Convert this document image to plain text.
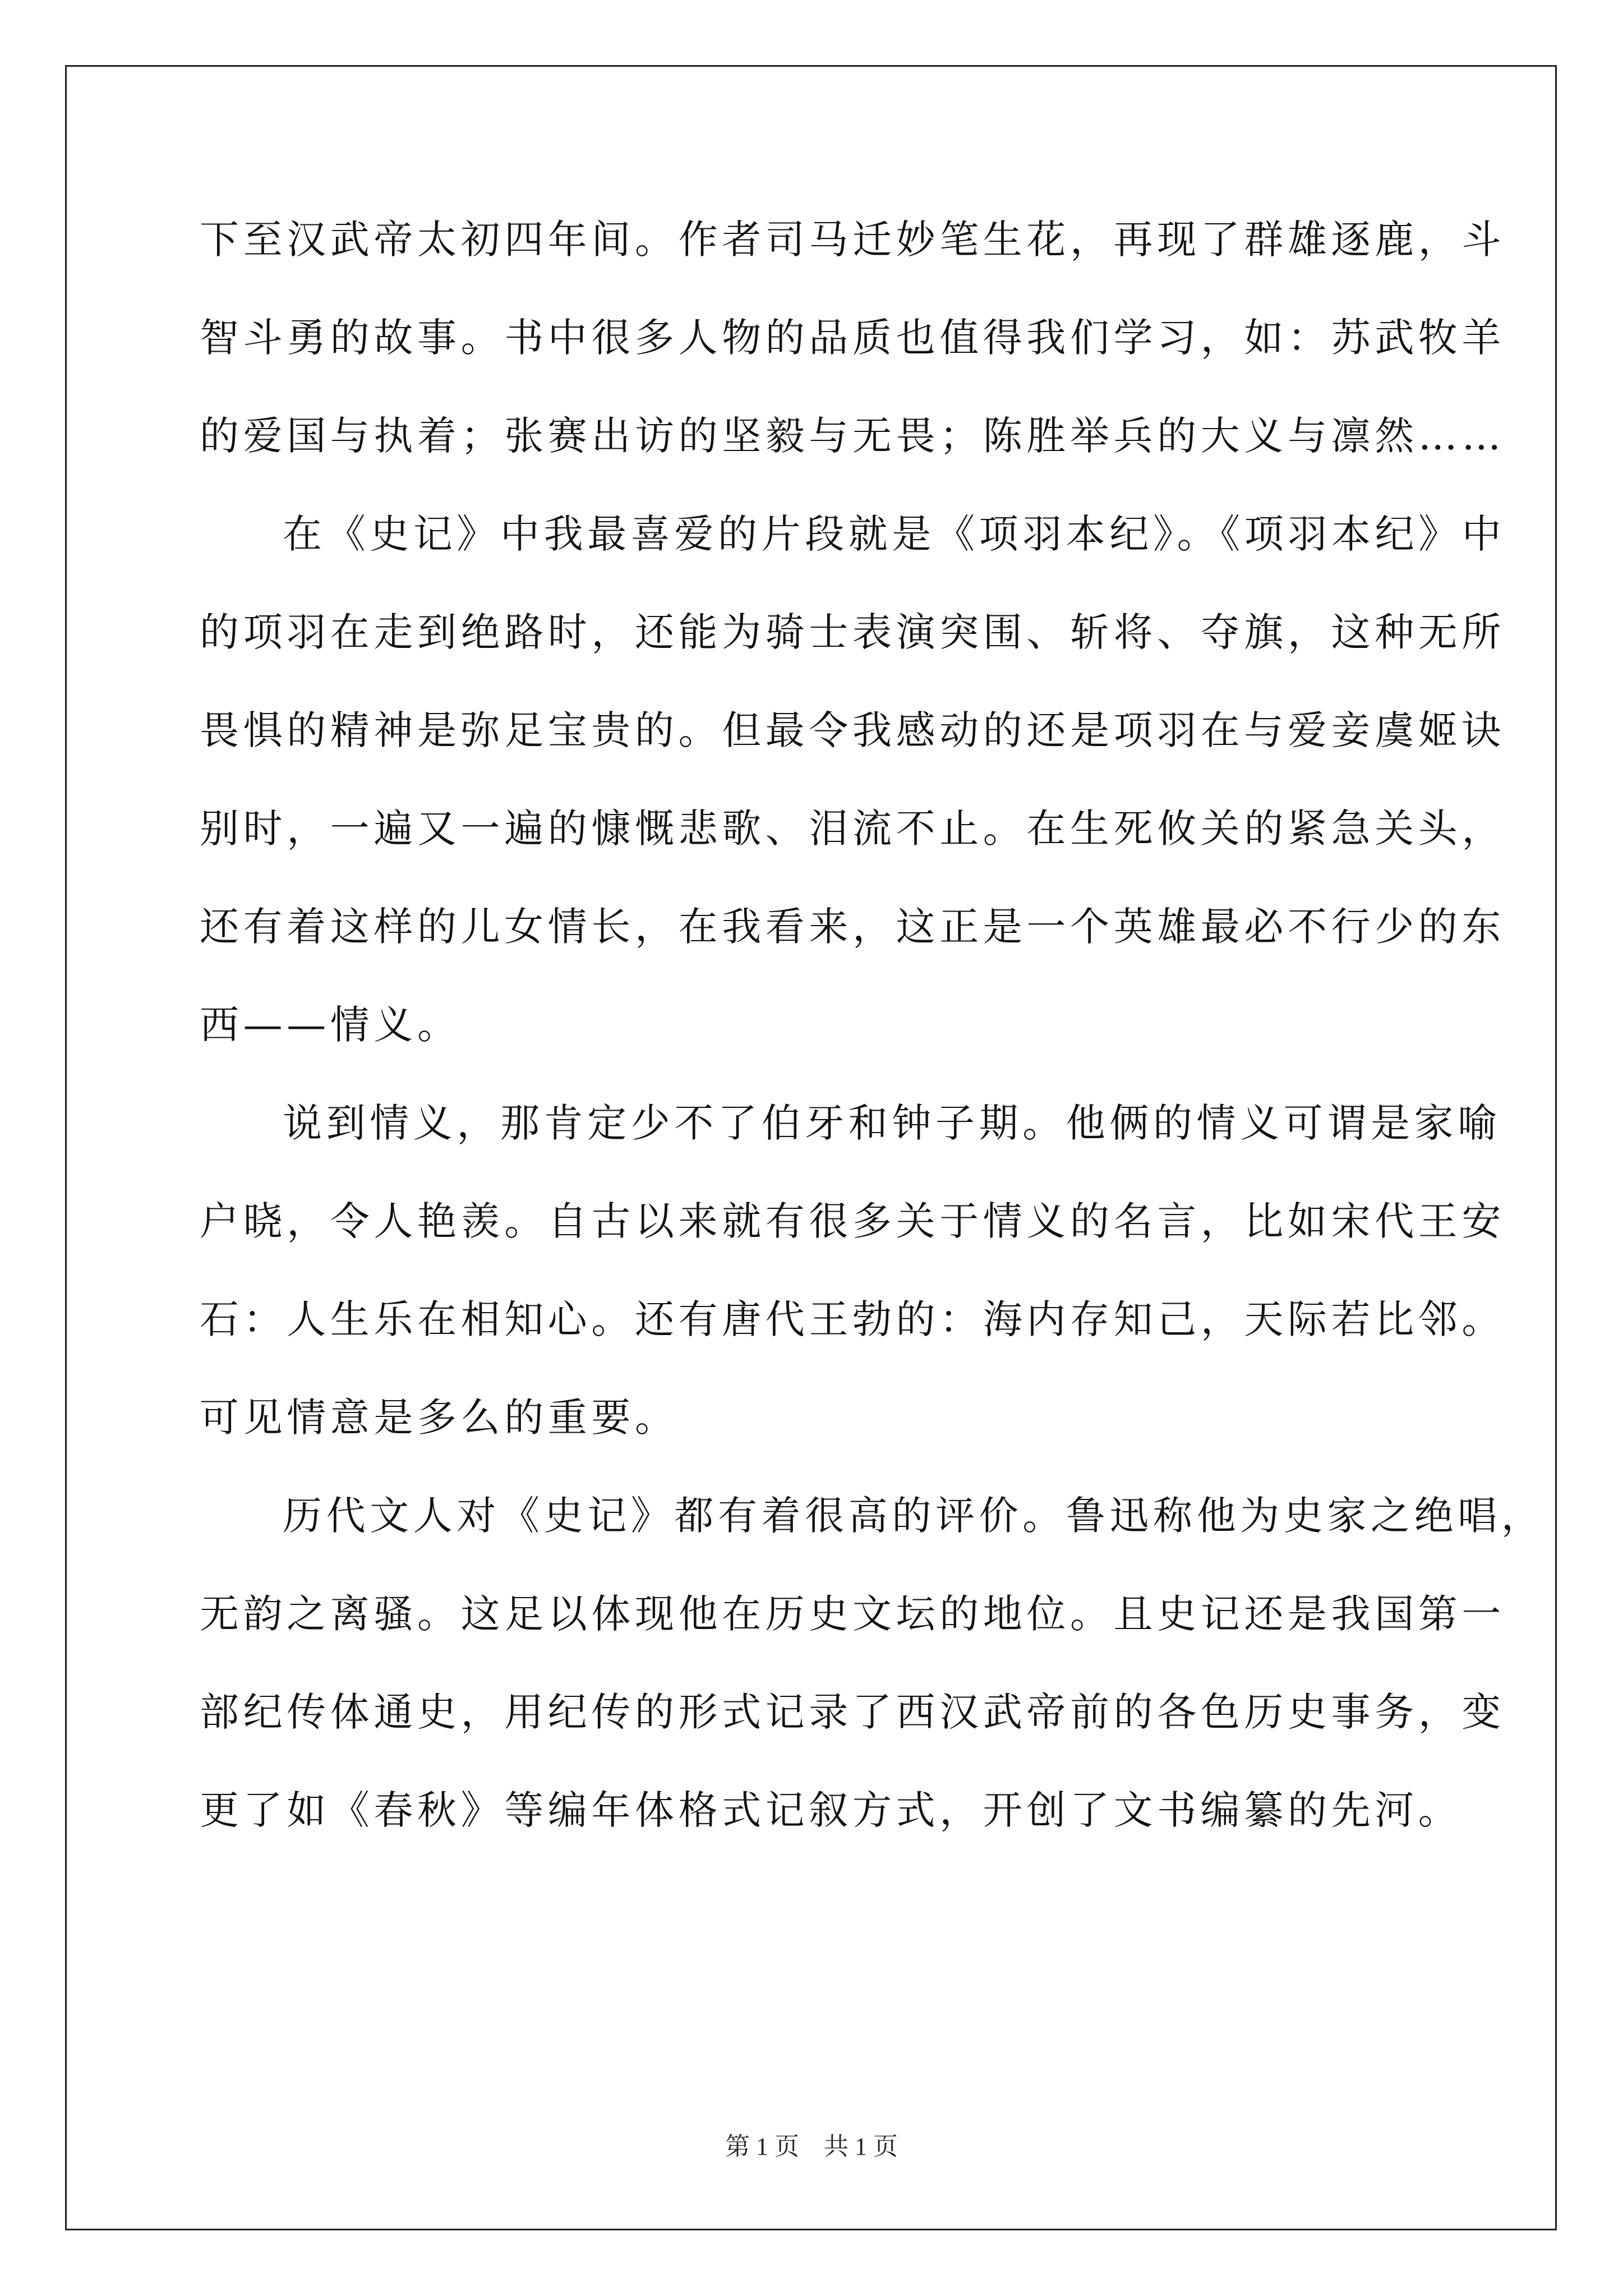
下至汉武帝太初四年间。作者司马迁妙笔生花，再现了群雄逐鹿，斗
智斗勇的故事。书中很多人物的品质也值得我们学习，如：苏武牧羊
的爱国与执着；张赛出访的坚毅与无畏；陈胜举兵的大义与凛然……
在《史记》中我最喜爱的片段就是《项羽本纪》。《项羽本纪》中
的项羽在走到绝路时，还能为骑士表演突围、斩将、夺旗，这种无所
畏惧的精神是弥足宝贵的。但最令我感动的还是项羽在与爱妾虞姬诀
别时，一遍又一遍的慷慨悲歌、泪流不止。在生死攸关的紧急关头，
还有着这样的儿女情长，在我看来，这正是一个英雄最必不行少的东
西——情义。
说到情义，那肯定少不了伯牙和钟子期。他俩的情义可谓是家喻
户晓，令人艳羡。自古以来就有很多关于情义的名言，比如宋代王安
石：人生乐在相知心。还有唐代王勃的：海内存知己，天际若比邻。
可见情意是多么的重要。
历代文人对《史记》都有着很高的评价。鲁迅称他为史家之绝唱，
无韵之离骚。这足以体现他在历史文坛的地位。且史记还是我国第一
部纪传体通史，用纪传的形式记录了西汉武帝前的各色历史事务，变
更了如《春秋》等编年体格式记叙方式，开创了文书编纂的先河。
第 1 页    共 1 页
